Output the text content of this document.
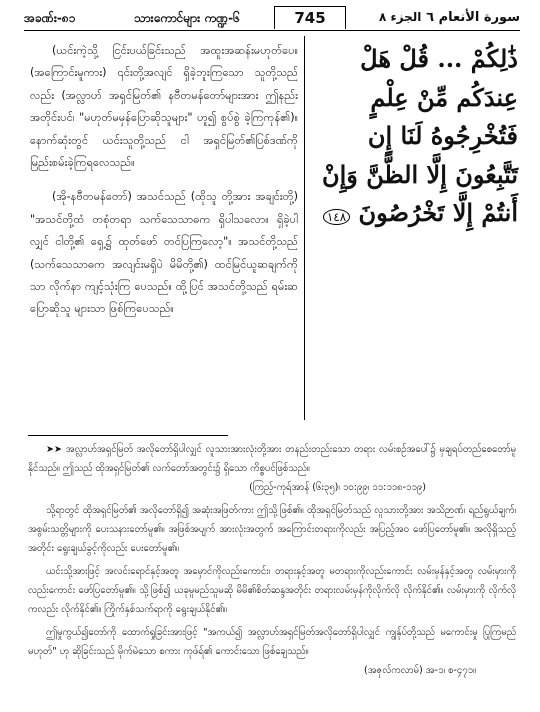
အခဏ်း-၈၁	သားကောင်များ ကဏ္ဍ-၆	745	الجزء ٨ سورة الأنعام ٦

(ယင်းကဲ့သို့ ငြင်းပယ်ခြင်းသည် အထူးအဆန်းမဟုတ်ပေ။ (အကြောင်းမူကား) ၎င်းတို့အလျင် ရှိခဲ့ဘူးကြသော သူတို့သည်လည်း (အလ္လာဟ် အရှင်မြတ်၏ နဗီတမန်တော်များအား ဤနည်း အတိုင်းပင်၊ "မဟုတ်မမှန်ပြောဆိုသူများ" ဟူ၍ စွပ်စွဲ ခဲ့ကြကုန်၏)။ နောက်ဆုံးတွင် ယင်းသူတို့သည် ငါ အရှင်မြတ်၏ပြစ်ဒဏ်ကို မြည်းစမ်းခဲ့ကြရလေသည်။

(အို-နဗီတမန်တော်) အသင်သည် (ထိုသူ တို့အား အချင်းတို့) "အသင်တို့ထံ တစုံတရာ သက်သေသာဓက ရှိပါသလော။ ရှိခဲ့ပါလျှင် ငါတို့၏ ရှေ့၌ ထုတ်ဖော် တင်ပြကြလော့"။ အသင်တို့သည် (သက်သေသာဓက အလျင်းမရှိပဲ မိမိတို့၏) ထင်မြင်ယူဆချက်ကိုသာ လိုက်နာ ကျင့်သုံးကြ ပေသည်။ ထို့ပြင် အသင်တို့သည် ရမ်းဆပြောဆိုသူ များသာ ဖြစ်ကြပေသည်။

ذَٰلِكُمْ ... قُلْ هَلْ عِندَكُم مِّنْ عِلْمٍ فَتُخْرِجُوهُ لَنَا إِن تَتَّبِعُونَ إِلَّا الظَّنَّ وَإِنْ أَنتُمْ إِلَّا تَخْرُصُونَ ١٤٨

➤➤ အလ္လာဟ်အရှင်မြတ် အလိုတော်ရှိပါလျှင် လူသားအားလုံးတို့အား တနည်းတည်းသော တရား လမ်းစဉ်အပေါ်၌ မှချရပ်တည်စေတော်မူနိုင်သည်။ ဤသည် ထိုအရှင်မြတ်၏ လက်တော်အတွင်း၌ ရှိသော ကိစ္စပင်ဖြစ်သည်။
(ကြည့်-ကုရ်အာန် (၆း၃၅)၊ ၁၀:၉၉၊ ၁၁:၁၁၈-၁၁၉)

သို့ရာတွင် ထိုအရှင်မြတ်၏ အလိုတော်ရှိ၍ အဆုံးအဖြတ်ကား ဤသို့ဖြစ်၏။ ထိုအရှင်မြတ်သည် လူသားတို့အား အသိဉာဏ်၊ ရည်ရွယ်ချက်၊ အစွမ်းသတ္တိများကို ပေးသနားတော်မူ၏။ အဖြစ်အပျက် အားလုံးအတွက် အကြောင်းတရားကိုလည်း အပြည့်အဝ ဖော်ပြတော်မူ၏။ အလိုရှိသည့်အတိုင်း ရွေးချယ်ခွင့်ကိုလည်း ပေးတော်မူ၏။

ယင်းသို့အားဖြင့် အလင်းရောင်နှင့်အတူ အမှောင်ကိုလည်းကောင်း၊ တရားနှင့်အတူ မတရားကိုလည်းကောင်း လမ်းမှန်နှင့်အတူ လမ်းမှားကိုလည်းကောင်း ဖော်ပြတော်မူ၏။ သို့ဖြစ်၍ ယခုမူမည်သူမဆို မိမိ၏စိတ်ဆန္ဒအတိုင်း တရားလမ်းမှန်ကိုလိုက်လို လိုက်နိုင်၏။ လမ်းမှားကို လိုက်လိုကလည်း လိုက်နိုင်၏။ ကြိုက်နှစ်သက်ရာကို ရွေးချယ်နိုင်၏။

ဤမှုကွယ်၍တော်ကို ထောက်ရှုခြင်းအားဖြင့် "အကယ်၍ အလ္လာဟ်အရှင်မြတ်အလိုတော်ရှိပါလျှင် ကျွန်ုပ်တို့သည် မကောင်းမှု ပြုကြမည်မဟုတ်" ဟု ဆိုခြင်းသည် မိုက်မဲသော စကား ကုဖ်ရ်၏ ကောင်းသော ဖြစ်ချေသည်။
(အဇုလ်ကလာမ်) အ-၁၊ စ-၄၇၁။
